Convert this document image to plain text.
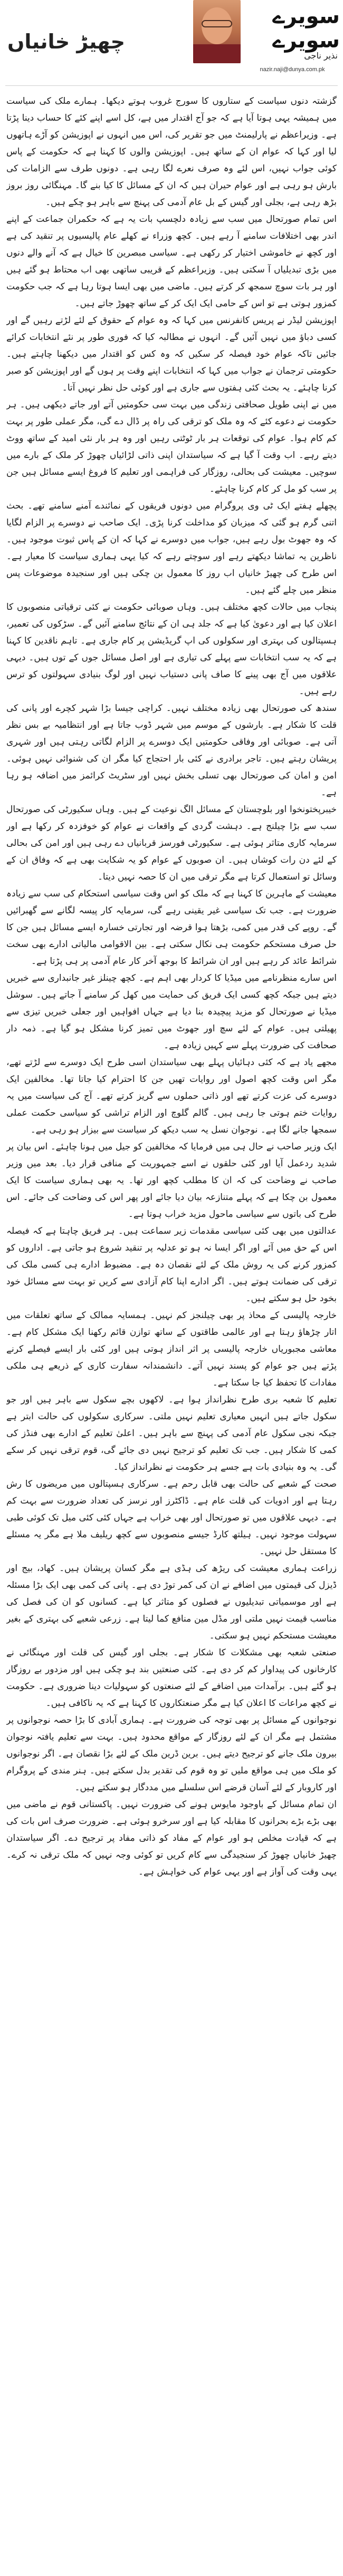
چھیڑ خانیاں
سویرے سویرے
نذیر ناجی
nazir.naji@dunya.com.pk

گزشتہ دنوں سیاست کے ستاروں کا سورج غروب ہوتے دیکھا۔ ہمارے ملک کی سیاست میں ہمیشہ یہی ہوتا آیا ہے کہ جو آج اقتدار میں ہے، کل اسے اپنے کئے کا حساب دینا پڑتا ہے۔ وزیراعظم نے پارلیمنٹ میں جو تقریر کی، اس میں انہوں نے اپوزیشن کو آڑے ہاتھوں لیا اور کہا کہ عوام ان کے ساتھ ہیں۔ اپوزیشن والوں کا کہنا ہے کہ حکومت کے پاس کوئی جواب نہیں، اس لئے وہ صرف نعرے لگا رہی ہے۔ دونوں طرف سے الزامات کی بارش ہو رہی ہے اور عوام حیران ہیں کہ ان کے مسائل کا کیا بنے گا۔ مہنگائی روز بروز بڑھ رہی ہے، بجلی اور گیس کے بل عام آدمی کی پہنچ سے باہر ہو چکے ہیں۔

اس تمام صورتحال میں سب سے زیادہ دلچسپ بات یہ ہے کہ حکمران جماعت کے اپنے اندر بھی اختلافات سامنے آ رہے ہیں۔ کچھ وزراء نے کھلے عام پالیسیوں پر تنقید کی ہے اور کچھ نے خاموشی اختیار کر رکھی ہے۔ سیاسی مبصرین کا خیال ہے کہ آنے والے دنوں میں بڑی تبدیلیاں آ سکتی ہیں۔ وزیراعظم کے قریبی ساتھی بھی اب محتاط ہو گئے ہیں اور ہر بات سوچ سمجھ کر کرتے ہیں۔ ماضی میں بھی ایسا ہوتا رہا ہے کہ جب حکومت کمزور ہوتی ہے تو اس کے حامی ایک ایک کر کے ساتھ چھوڑ جاتے ہیں۔

اپوزیشن لیڈر نے پریس کانفرنس میں کہا کہ وہ عوام کے حقوق کے لئے لڑتے رہیں گے اور کسی دباؤ میں نہیں آئیں گے۔ انہوں نے مطالبہ کیا کہ فوری طور پر نئے انتخابات کرائے جائیں تاکہ عوام خود فیصلہ کر سکیں کہ وہ کس کو اقتدار میں دیکھنا چاہتے ہیں۔ حکومتی ترجمان نے جواب میں کہا کہ انتخابات اپنے وقت پر ہوں گے اور اپوزیشن کو صبر کرنا چاہئے۔ یہ بحث کئی ہفتوں سے جاری ہے اور کوئی حل نظر نہیں آتا۔

میں نے اپنی طویل صحافتی زندگی میں بہت سی حکومتیں آتے اور جاتے دیکھی ہیں۔ ہر حکومت نے دعوے کئے کہ وہ ملک کو ترقی کی راہ پر ڈال دے گی، مگر عملی طور پر بہت کم کام ہوا۔ عوام کی توقعات ہر بار ٹوٹتی رہیں اور وہ ہر بار نئی امید کے ساتھ ووٹ دیتے رہے۔ اب وقت آ گیا ہے کہ سیاستدان اپنی ذاتی لڑائیاں چھوڑ کر ملک کے بارے میں سوچیں۔ معیشت کی بحالی، روزگار کی فراہمی اور تعلیم کا فروغ ایسے مسائل ہیں جن پر سب کو مل کر کام کرنا چاہئے۔

پچھلے ہفتے ایک ٹی وی پروگرام میں دونوں فریقوں کے نمائندے آمنے سامنے تھے۔ بحث اتنی گرم ہو گئی کہ میزبان کو مداخلت کرنا پڑی۔ ایک صاحب نے دوسرے پر الزام لگایا کہ وہ جھوٹ بول رہے ہیں، جواب میں دوسرے نے کہا کہ ان کے پاس ثبوت موجود ہیں۔ ناظرین یہ تماشا دیکھتے رہے اور سوچتے رہے کہ کیا یہی ہماری سیاست کا معیار ہے۔ اس طرح کی چھیڑ خانیاں اب روز کا معمول بن چکی ہیں اور سنجیدہ موضوعات پس منظر میں چلے گئے ہیں۔

پنجاب میں حالات کچھ مختلف ہیں۔ وہاں صوبائی حکومت نے کئی ترقیاتی منصوبوں کا اعلان کیا ہے اور دعویٰ کیا ہے کہ جلد ہی ان کے نتائج سامنے آئیں گے۔ سڑکوں کی تعمیر، ہسپتالوں کی بہتری اور سکولوں کی اپ گریڈیشن پر کام جاری ہے۔ تاہم ناقدین کا کہنا ہے کہ یہ سب انتخابات سے پہلے کی تیاری ہے اور اصل مسائل جوں کے توں ہیں۔ دیہی علاقوں میں آج بھی پینے کا صاف پانی دستیاب نہیں اور لوگ بنیادی سہولتوں کو ترس رہے ہیں۔

سندھ کی صورتحال بھی زیادہ مختلف نہیں۔ کراچی جیسا بڑا شہر کچرے اور پانی کی قلت کا شکار ہے۔ بارشوں کے موسم میں شہر ڈوب جاتا ہے اور انتظامیہ بے بس نظر آتی ہے۔ صوبائی اور وفاقی حکومتیں ایک دوسرے پر الزام لگاتی رہتی ہیں اور شہری پریشان رہتے ہیں۔ تاجر برادری نے کئی بار احتجاج کیا مگر ان کی شنوائی نہیں ہوئی۔ امن و امان کی صورتحال بھی تسلی بخش نہیں اور سٹریٹ کرائمز میں اضافہ ہو رہا ہے۔

خیبرپختونخوا اور بلوچستان کے مسائل الگ نوعیت کے ہیں۔ وہاں سکیورٹی کی صورتحال سب سے بڑا چیلنج ہے۔ دہشت گردی کے واقعات نے عوام کو خوفزدہ کر رکھا ہے اور سرمایہ کاری متاثر ہوئی ہے۔ سکیورٹی فورسز قربانیاں دے رہی ہیں اور امن کی بحالی کے لئے دن رات کوشاں ہیں۔ ان صوبوں کے عوام کو یہ شکایت بھی ہے کہ وفاق ان کے وسائل تو استعمال کرتا ہے مگر ترقی میں ان کا حصہ نہیں دیتا۔

معیشت کے ماہرین کا کہنا ہے کہ ملک کو اس وقت سیاسی استحکام کی سب سے زیادہ ضرورت ہے۔ جب تک سیاسی غیر یقینی رہے گی، سرمایہ کار پیسہ لگانے سے گھبرائیں گے۔ روپے کی قدر میں کمی، بڑھتا ہوا قرضہ اور تجارتی خسارہ ایسے مسائل ہیں جن کا حل صرف مستحکم حکومت ہی نکال سکتی ہے۔ بین الاقوامی مالیاتی ادارے بھی سخت شرائط عائد کر رہے ہیں اور ان شرائط کا بوجھ آخر کار عام آدمی پر ہی پڑتا ہے۔

اس سارے منظرنامے میں میڈیا کا کردار بھی اہم ہے۔ کچھ چینلز غیر جانبداری سے خبریں دیتے ہیں جبکہ کچھ کسی ایک فریق کی حمایت میں کھل کر سامنے آ جاتے ہیں۔ سوشل میڈیا نے صورتحال کو مزید پیچیدہ بنا دیا ہے جہاں افواہیں اور جعلی خبریں تیزی سے پھیلتی ہیں۔ عوام کے لئے سچ اور جھوٹ میں تمیز کرنا مشکل ہو گیا ہے۔ ذمہ دار صحافت کی ضرورت پہلے سے کہیں زیادہ ہے۔

مجھے یاد ہے کہ کئی دہائیاں پہلے بھی سیاستدان اسی طرح ایک دوسرے سے لڑتے تھے، مگر اس وقت کچھ اصول اور روایات تھیں جن کا احترام کیا جاتا تھا۔ مخالفین ایک دوسرے کی عزت کرتے تھے اور ذاتی حملوں سے گریز کرتے تھے۔ آج کی سیاست میں یہ روایات ختم ہوتی جا رہی ہیں۔ گالم گلوچ اور الزام تراشی کو سیاسی حکمت عملی سمجھا جانے لگا ہے۔ نوجوان نسل یہ سب دیکھ کر سیاست سے بیزار ہو رہی ہے۔

ایک وزیر صاحب نے حال ہی میں فرمایا کہ مخالفین کو جیل میں ہونا چاہئے۔ اس بیان پر شدید ردعمل آیا اور کئی حلقوں نے اسے جمہوریت کے منافی قرار دیا۔ بعد میں وزیر صاحب نے وضاحت کی کہ ان کا مطلب کچھ اور تھا۔ یہ بھی ہماری سیاست کا ایک معمول بن چکا ہے کہ پہلے متنازعہ بیان دیا جائے اور پھر اس کی وضاحت کی جائے۔ اس طرح کی باتوں سے سیاسی ماحول مزید خراب ہوتا ہے۔

عدالتوں میں بھی کئی سیاسی مقدمات زیر سماعت ہیں۔ ہر فریق چاہتا ہے کہ فیصلہ اس کے حق میں آئے اور اگر ایسا نہ ہو تو عدلیہ پر تنقید شروع ہو جاتی ہے۔ اداروں کو کمزور کرنے کی یہ روش ملک کے لئے نقصان دہ ہے۔ مضبوط ادارے ہی کسی ملک کی ترقی کی ضمانت ہوتے ہیں۔ اگر ادارے اپنا کام آزادی سے کریں تو بہت سے مسائل خود بخود حل ہو سکتے ہیں۔

خارجہ پالیسی کے محاذ پر بھی چیلنجز کم نہیں۔ ہمسایہ ممالک کے ساتھ تعلقات میں اتار چڑھاؤ رہتا ہے اور عالمی طاقتوں کے ساتھ توازن قائم رکھنا ایک مشکل کام ہے۔ معاشی مجبوریاں خارجہ پالیسی پر اثر انداز ہوتی ہیں اور کئی بار ایسے فیصلے کرنے پڑتے ہیں جو عوام کو پسند نہیں آتے۔ دانشمندانہ سفارت کاری کے ذریعے ہی ملکی مفادات کا تحفظ کیا جا سکتا ہے۔

تعلیم کا شعبہ بری طرح نظرانداز ہوا ہے۔ لاکھوں بچے سکول سے باہر ہیں اور جو سکول جاتے ہیں انہیں معیاری تعلیم نہیں ملتی۔ سرکاری سکولوں کی حالت ابتر ہے جبکہ نجی سکول عام آدمی کی پہنچ سے باہر ہیں۔ اعلیٰ تعلیم کے ادارے بھی فنڈز کی کمی کا شکار ہیں۔ جب تک تعلیم کو ترجیح نہیں دی جائے گی، قوم ترقی نہیں کر سکے گی۔ یہ وہ بنیادی بات ہے جسے ہر حکومت نے نظرانداز کیا۔

صحت کے شعبے کی حالت بھی قابل رحم ہے۔ سرکاری ہسپتالوں میں مریضوں کا رش رہتا ہے اور ادویات کی قلت عام ہے۔ ڈاکٹرز اور نرسز کی تعداد ضرورت سے بہت کم ہے۔ دیہی علاقوں میں تو صورتحال اور بھی خراب ہے جہاں کئی کئی میل تک کوئی طبی سہولت موجود نہیں۔ ہیلتھ کارڈ جیسے منصوبوں سے کچھ ریلیف ملا ہے مگر یہ مسئلے کا مستقل حل نہیں۔

زراعت ہماری معیشت کی ریڑھ کی ہڈی ہے مگر کسان پریشان ہیں۔ کھاد، بیج اور ڈیزل کی قیمتوں میں اضافے نے ان کی کمر توڑ دی ہے۔ پانی کی کمی بھی ایک بڑا مسئلہ ہے اور موسمیاتی تبدیلیوں نے فصلوں کو متاثر کیا ہے۔ کسانوں کو ان کی فصل کی مناسب قیمت نہیں ملتی اور مڈل مین منافع کما لیتا ہے۔ زرعی شعبے کی بہتری کے بغیر معیشت مستحکم نہیں ہو سکتی۔

صنعتی شعبہ بھی مشکلات کا شکار ہے۔ بجلی اور گیس کی قلت اور مہنگائی نے کارخانوں کی پیداوار کم کر دی ہے۔ کئی صنعتیں بند ہو چکی ہیں اور مزدور بے روزگار ہو گئے ہیں۔ برآمدات میں اضافے کے لئے صنعتوں کو سہولیات دینا ضروری ہے۔ حکومت نے کچھ مراعات کا اعلان کیا ہے مگر صنعتکاروں کا کہنا ہے کہ یہ ناکافی ہیں۔

نوجوانوں کے مسائل پر بھی توجہ کی ضرورت ہے۔ ہماری آبادی کا بڑا حصہ نوجوانوں پر مشتمل ہے مگر ان کے لئے روزگار کے مواقع محدود ہیں۔ بہت سے تعلیم یافتہ نوجوان بیرون ملک جانے کو ترجیح دیتے ہیں۔ برین ڈرین ملک کے لئے بڑا نقصان ہے۔ اگر نوجوانوں کو ملک میں ہی مواقع ملیں تو وہ قوم کی تقدیر بدل سکتے ہیں۔ ہنر مندی کے پروگرام اور کاروبار کے لئے آسان قرضے اس سلسلے میں مددگار ہو سکتے ہیں۔

ان تمام مسائل کے باوجود مایوس ہونے کی ضرورت نہیں۔ پاکستانی قوم نے ماضی میں بھی بڑے بڑے بحرانوں کا مقابلہ کیا ہے اور سرخرو ہوئی ہے۔ ضرورت صرف اس بات کی ہے کہ قیادت مخلص ہو اور عوام کے مفاد کو ذاتی مفاد پر ترجیح دے۔ اگر سیاستدان چھیڑ خانیاں چھوڑ کر سنجیدگی سے کام کریں تو کوئی وجہ نہیں کہ ملک ترقی نہ کرے۔ یہی وقت کی آواز ہے اور یہی عوام کی خواہش ہے۔
